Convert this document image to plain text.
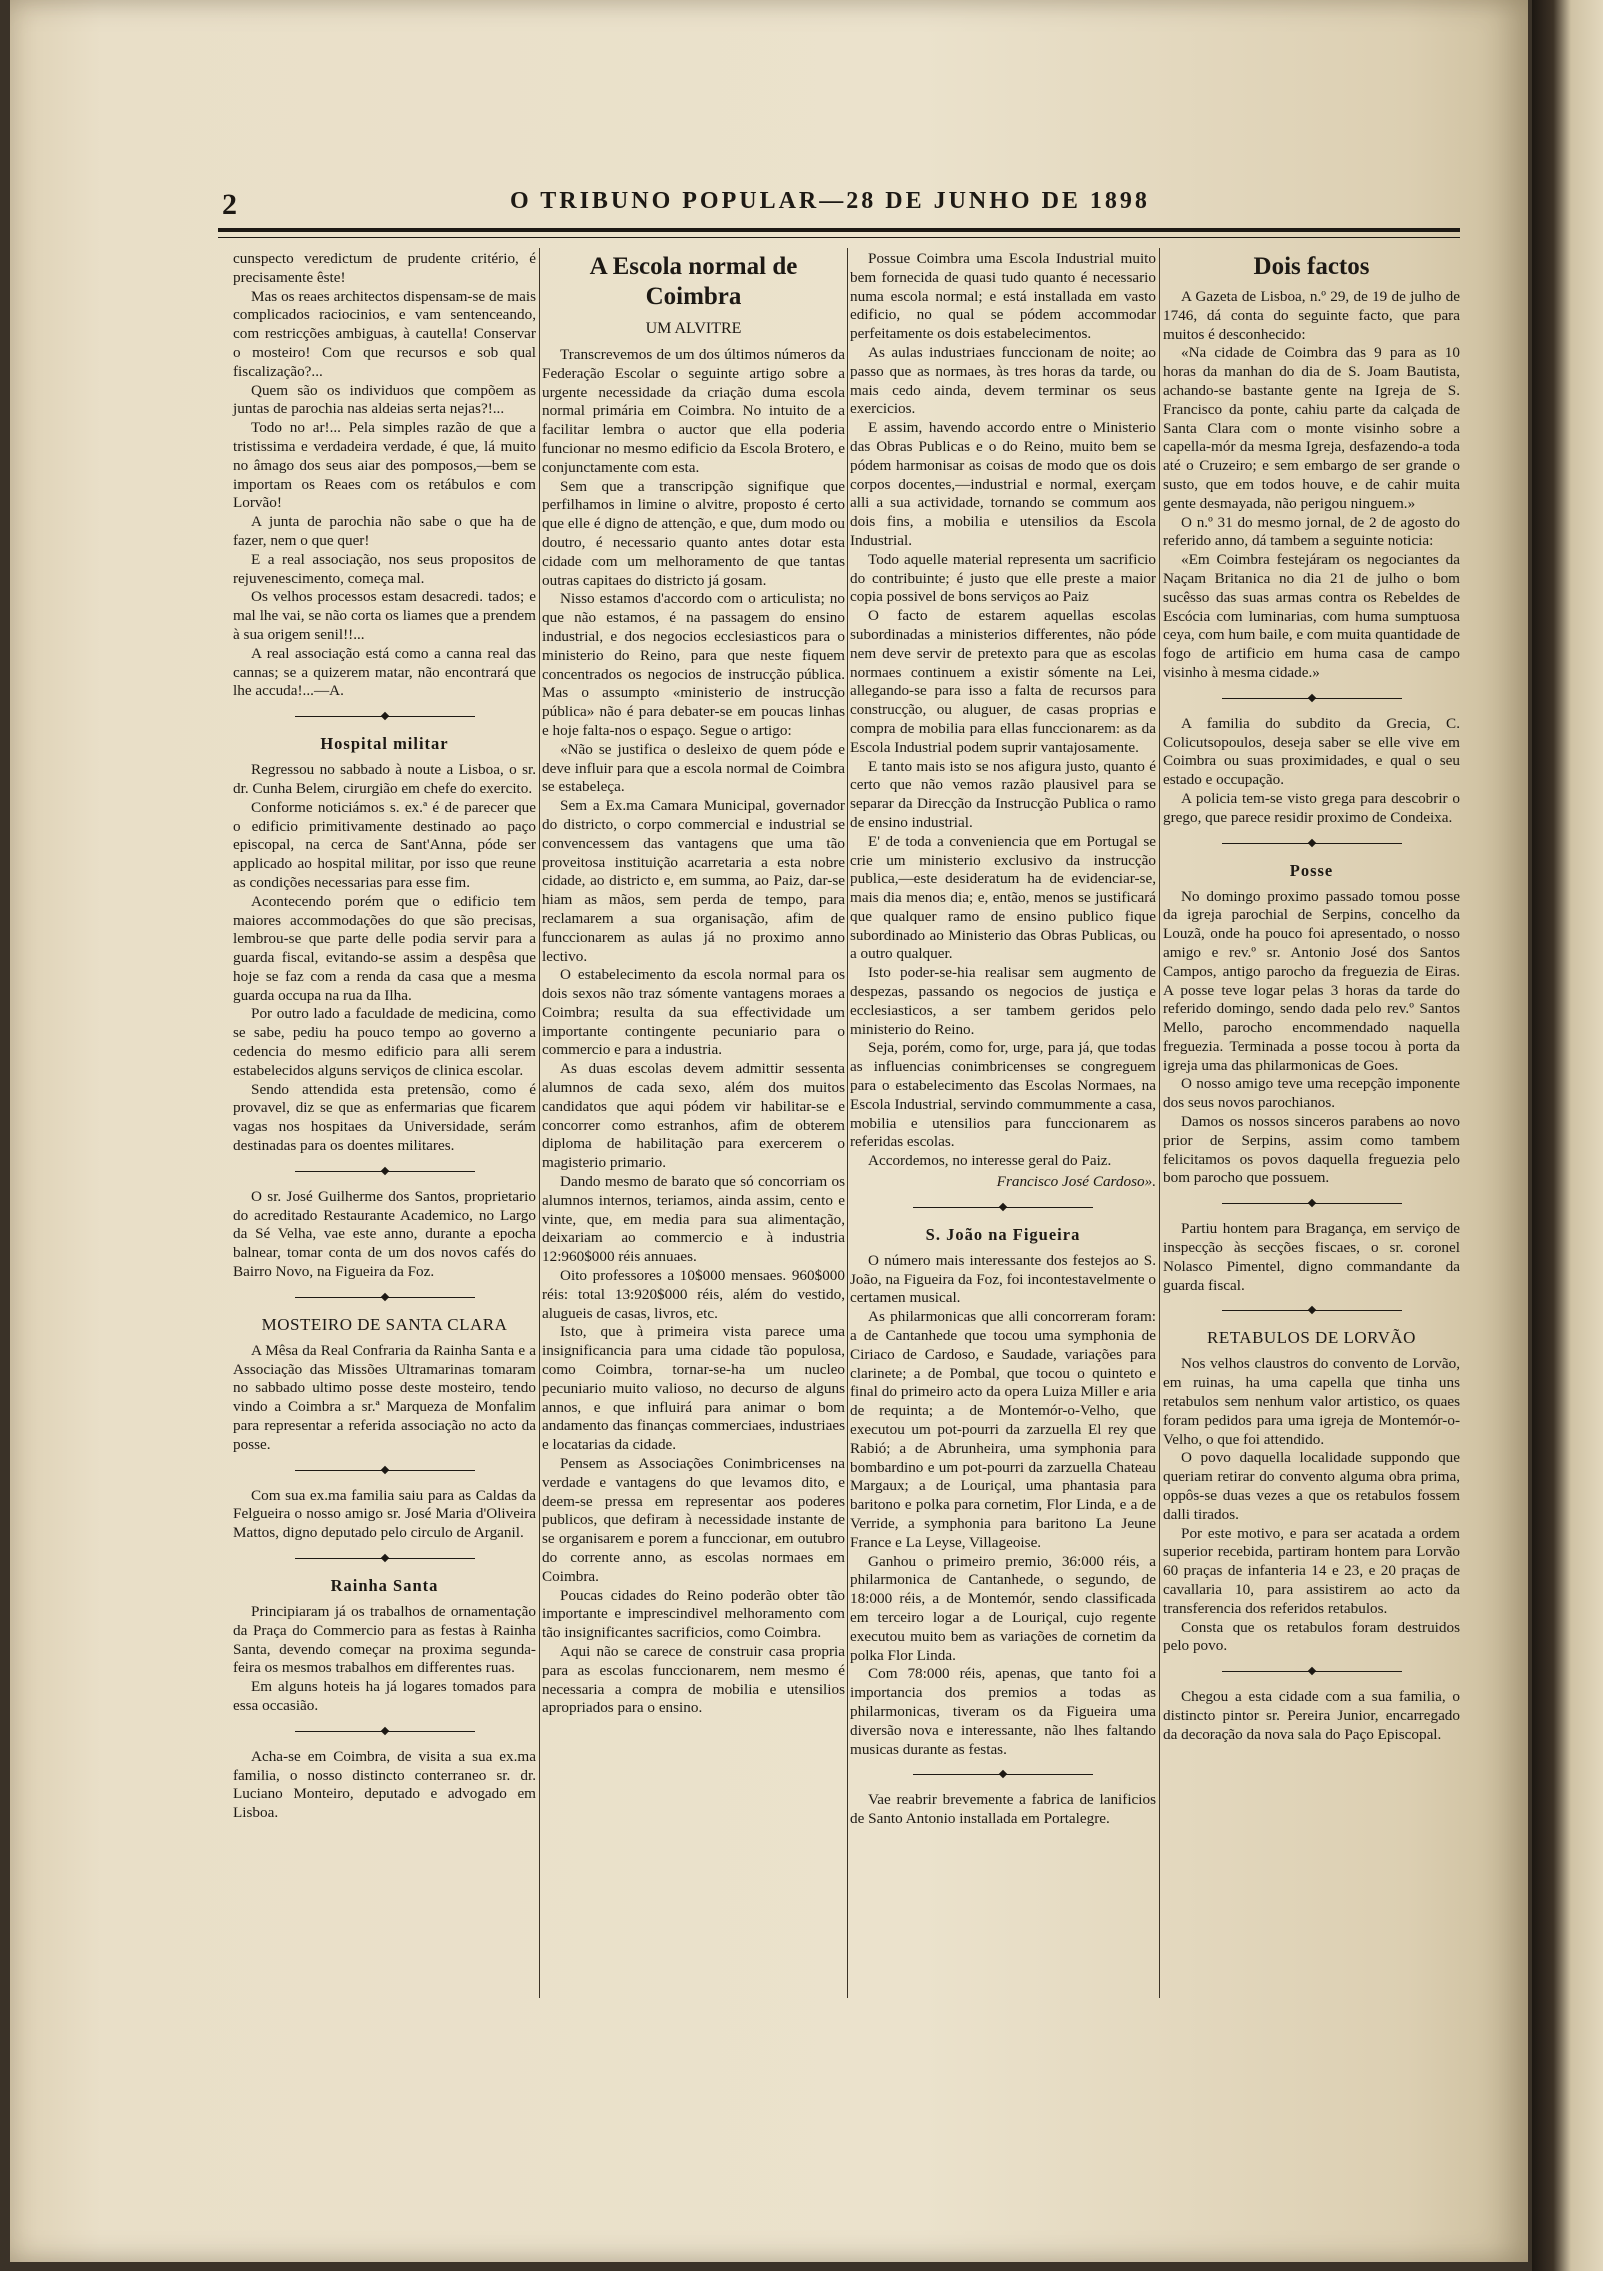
2	O TRIBUNO POPULAR—28 DE JUNHO DE 1898

cunspecto veredictum de prudente critério, é precisamente êste!

Mas os reaes architectos dispensam-se de mais complicados raciocinios, e vam sentenceando, com restricções ambiguas, à cautella! Conservar o mosteiro! Com que recursos e sob qual fiscalização?...

Quem são os individuos que compõem as juntas de parochia nas aldeias serta nejas?!...

Todo no ar!... Pela simples razão de que a tristissima e verdadeira verdade, é que, lá muito no âmago dos seus aiar des pomposos,—bem se importam os Reaes com os retábulos e com Lorvão!

A junta de parochia não sabe o que ha de fazer, nem o que quer!

E a real associação, nos seus propositos de rejuvenescimento, começa mal.

Os velhos processos estam desacredi. tados; e mal lhe vai, se não corta os liames que a prendem à sua origem senil!!...

A real associação está como a canna real das cannas; se a quizerem matar, não encontrará que lhe accuda!...—A.

Hospital militar

Regressou no sabbado à noute a Lisboa, o sr. dr. Cunha Belem, cirurgião em chefe do exercito.

Conforme noticiámos s. ex.ª é de parecer que o edificio primitivamente destinado ao paço episcopal, na cerca de Sant'Anna, póde ser applicado ao hospital militar, por isso que reune as condições necessarias para esse fim.

Acontecendo porém que o edificio tem maiores accommodações do que são precisas, lembrou-se que parte delle podia servir para a guarda fiscal, evitando-se assim a despêsa que hoje se faz com a renda da casa que a mesma guarda occupa na rua da Ilha.

Por outro lado a faculdade de medicina, como se sabe, pediu ha pouco tempo ao governo a cedencia do mesmo edificio para alli serem estabelecidos alguns serviços de clinica escolar.

Sendo attendida esta pretensão, como é provavel, diz se que as enfermarias que ficarem vagas nos hospitaes da Universidade, serám destinadas para os doentes militares.

O sr. José Guilherme dos Santos, proprietario do acreditado Restaurante Academico, no Largo da Sé Velha, vae este anno, durante a epocha balnear, tomar conta de um dos novos cafés do Bairro Novo, na Figueira da Foz.

MOSTEIRO DE SANTA CLARA

A Mêsa da Real Confraria da Rainha Santa e a Associação das Missões Ultramarinas tomaram no sabbado ultimo posse deste mosteiro, tendo vindo a Coimbra a sr.ª Marqueza de Monfalim para representar a referida associação no acto da posse.

Com sua ex.ma familia saiu para as Caldas da Felgueira o nosso amigo sr. José Maria d'Oliveira Mattos, digno deputado pelo circulo de Arganil.

Rainha Santa

Principiaram já os trabalhos de ornamentação da Praça do Commercio para as festas à Rainha Santa, devendo começar na proxima segunda-feira os mesmos trabalhos em differentes ruas.

Em alguns hoteis ha já logares tomados para essa occasião.

Acha-se em Coimbra, de visita a sua ex.ma familia, o nosso distincto conterraneo sr. dr. Luciano Monteiro, deputado e advogado em Lisboa.

A Escola normal de Coimbra
UM ALVITRE

Transcrevemos de um dos últimos números da Federação Escolar o seguinte artigo sobre a urgente necessidade da criação duma escola normal primária em Coimbra. No intuito de a facilitar lembra o auctor que ella poderia funcionar no mesmo edificio da Escola Brotero, e conjunctamente com esta.

Sem que a transcripção signifique que perfilhamos in limine o alvitre, proposto é certo que elle é digno de attenção, e que, dum modo ou doutro, é necessario quanto antes dotar esta cidade com um melhoramento de que tantas outras capitaes do districto já gosam.

Nisso estamos d'accordo com o articulista; no que não estamos, é na passagem do ensino industrial, e dos negocios ecclesiasticos para o ministerio do Reino, para que neste fiquem concentrados os negocios de instrucção pública. Mas o assumpto «ministerio de instrucção pública» não é para debater-se em poucas linhas e hoje falta-nos o espaço. Segue o artigo:

«Não se justifica o desleixo de quem póde e deve influir para que a escola normal de Coimbra se estabeleça.

Sem a Ex.ma Camara Municipal, governador do districto, o corpo commercial e industrial se convencessem das vantagens que uma tão proveitosa instituição acarretaria a esta nobre cidade, ao districto e, em summa, ao Paiz, dar-se hiam as mãos, sem perda de tempo, para reclamarem a sua organisação, afim de funccionarem as aulas já no proximo anno lectivo.

O estabelecimento da escola normal para os dois sexos não traz sómente vantagens moraes a Coimbra; resulta da sua effectividade um importante contingente pecuniario para o commercio e para a industria.

As duas escolas devem admittir sessenta alumnos de cada sexo, além dos muitos candidatos que aqui pódem vir habilitar-se e concorrer como estranhos, afim de obterem diploma de habilitação para exercerem o magisterio primario.

Dando mesmo de barato que só concorriam os alumnos internos, teriamos, ainda assim, cento e vinte, que, em media para sua alimentação, deixariam ao commercio e à industria 12:960$000 réis annuaes.

Oito professores a 10$000 mensaes. 960$000 réis: total 13:920$000 réis, além do vestido, alugueis de casas, livros, etc.

Isto, que à primeira vista parece uma insignificancia para uma cidade tão populosa, como Coimbra, tornar-se-ha um nucleo pecuniario muito valioso, no decurso de alguns annos, e que influirá para animar o bom andamento das finanças commerciaes, industriaes e locatarias da cidade.

Pensem as Associações Conimbricenses na verdade e vantagens do que levamos dito, e deem-se pressa em representar aos poderes publicos, que defiram à necessidade instante de se organisarem e porem a funccionar, em outubro do corrente anno, as escolas normaes em Coimbra.

Poucas cidades do Reino poderão obter tão importante e imprescindivel melhoramento com tão insignificantes sacrificios, como Coimbra.

Aqui não se carece de construir casa propria para as escolas funccionarem, nem mesmo é necessaria a compra de mobilia e utensilios apropriados para o ensino.

Possue Coimbra uma Escola Industrial muito bem fornecida de quasi tudo quanto é necessario numa escola normal; e está installada em vasto edificio, no qual se pódem accommodar perfeitamente os dois estabelecimentos.

As aulas industriaes funccionam de noite; ao passo que as normaes, às tres horas da tarde, ou mais cedo ainda, devem terminar os seus exercicios.

E assim, havendo accordo entre o Ministerio das Obras Publicas e o do Reino, muito bem se pódem harmonisar as coisas de modo que os dois corpos docentes,—industrial e normal, exerçam alli a sua actividade, tornando se commum aos dois fins, a mobilia e utensilios da Escola Industrial.

Todo aquelle material representa um sacrificio do contribuinte; é justo que elle preste a maior copia possivel de bons serviços ao Paiz

O facto de estarem aquellas escolas subordinadas a ministerios differentes, não póde nem deve servir de pretexto para que as escolas normaes continuem a existir sómente na Lei, allegando-se para isso a falta de recursos para construcção, ou aluguer, de casas proprias e compra de mobilia para ellas funccionarem: as da Escola Industrial podem suprir vantajosamente.

E tanto mais isto se nos afigura justo, quanto é certo que não vemos razão plausivel para se separar da Direcção da Instrucção Publica o ramo de ensino industrial.

E' de toda a conveniencia que em Portugal se crie um ministerio exclusivo da instrucção publica,—este desideratum ha de evidenciar-se, mais dia menos dia; e, então, menos se justificará que qualquer ramo de ensino publico fique subordinado ao Ministerio das Obras Publicas, ou a outro qualquer.

Isto poder-se-hia realisar sem augmento de despezas, passando os negocios de justiça e ecclesiasticos, a ser tambem geridos pelo ministerio do Reino.

Seja, porém, como for, urge, para já, que todas as influencias conimbricenses se congreguem para o estabelecimento das Escolas Normaes, na Escola Industrial, servindo commummente a casa, mobilia e utensilios para funccionarem as referidas escolas.

Accordemos, no interesse geral do Paiz.

Francisco José Cardoso».
S. João na Figueira

O número mais interessante dos festejos ao S. João, na Figueira da Foz, foi incontestavelmente o certamen musical.

As philarmonicas que alli concorreram foram: a de Cantanhede que tocou uma symphonia de Ciriaco de Cardoso, e Saudade, variações para clarinete; a de Pombal, que tocou o quinteto e final do primeiro acto da opera Luiza Miller e aria de requinta; a de Montemór-o-Velho, que executou um pot-pourri da zarzuella El rey que Rabió; a de Abrunheira, uma symphonia para bombardino e um pot-pourri da zarzuella Chateau Margaux; a de Louriçal, uma phantasia para baritono e polka para cornetim, Flor Linda, e a de Verride, a symphonia para baritono La Jeune France e La Leyse, Villageoise.

Ganhou o primeiro premio, 36:000 réis, a philarmonica de Cantanhede, o segundo, de 18:000 réis, a de Montemór, sendo classificada em terceiro logar a de Louriçal, cujo regente executou muito bem as variações de cornetim da polka Flor Linda.

Com 78:000 réis, apenas, que tanto foi a importancia dos premios a todas as philarmonicas, tiveram os da Figueira uma diversão nova e interessante, não lhes faltando musicas durante as festas.

Vae reabrir brevemente a fabrica de lanificios de Santo Antonio installada em Portalegre.

Dois factos

A Gazeta de Lisboa, n.º 29, de 19 de julho de 1746, dá conta do seguinte facto, que para muitos é desconhecido:

«Na cidade de Coimbra das 9 para as 10 horas da manhan do dia de S. Joam Bautista, achando-se bastante gente na Igreja de S. Francisco da ponte, cahiu parte da calçada de Santa Clara com o monte visinho sobre a capella-mór da mesma Igreja, desfazendo-a toda até o Cruzeiro; e sem embargo de ser grande o susto, que em todos houve, e de cahir muita gente desmayada, não perigou ninguem.»

O n.º 31 do mesmo jornal, de 2 de agosto do referido anno, dá tambem a seguinte noticia:

«Em Coimbra festejáram os negociantes da Naçam Britanica no dia 21 de julho o bom sucêsso das suas armas contra os Rebeldes de Escócia com luminarias, com huma sumptuosa ceya, com hum baile, e com muita quantidade de fogo de artificio em huma casa de campo visinho à mesma cidade.»

A familia do subdito da Grecia, C. Colicutsopoulos, deseja saber se elle vive em Coimbra ou suas proximidades, e qual o seu estado e occupação.

A policia tem-se visto grega para descobrir o grego, que parece residir proximo de Condeixa.

Posse

No domingo proximo passado tomou posse da igreja parochial de Serpins, concelho da Louzã, onde ha pouco foi apresentado, o nosso amigo e rev.º sr. Antonio José dos Santos Campos, antigo parocho da freguezia de Eiras. A posse teve logar pelas 3 horas da tarde do referido domingo, sendo dada pelo rev.º Santos Mello, parocho encommendado naquella freguezia. Terminada a posse tocou à porta da igreja uma das philarmonicas de Goes.

O nosso amigo teve uma recepção imponente dos seus novos parochianos.

Damos os nossos sinceros parabens ao novo prior de Serpins, assim como tambem felicitamos os povos daquella freguezia pelo bom parocho que possuem.

Partiu hontem para Bragança, em serviço de inspecção às secções fiscaes, o sr. coronel Nolasco Pimentel, digno commandante da guarda fiscal.

RETABULOS DE LORVÃO

Nos velhos claustros do convento de Lorvão, em ruinas, ha uma capella que tinha uns retabulos sem nenhum valor artistico, os quaes foram pedidos para uma igreja de Montemór-o-Velho, o que foi attendido.

O povo daquella localidade suppondo que queriam retirar do convento alguma obra prima, oppôs-se duas vezes a que os retabulos fossem dalli tirados.

Por este motivo, e para ser acatada a ordem superior recebida, partiram hontem para Lorvão 60 praças de infanteria 14 e 23, e 20 praças de cavallaria 10, para assistirem ao acto da transferencia dos referidos retabulos.

Consta que os retabulos foram destruidos pelo povo.

Chegou a esta cidade com a sua familia, o distincto pintor sr. Pereira Junior, encarregado da decoração da nova sala do Paço Episcopal.
